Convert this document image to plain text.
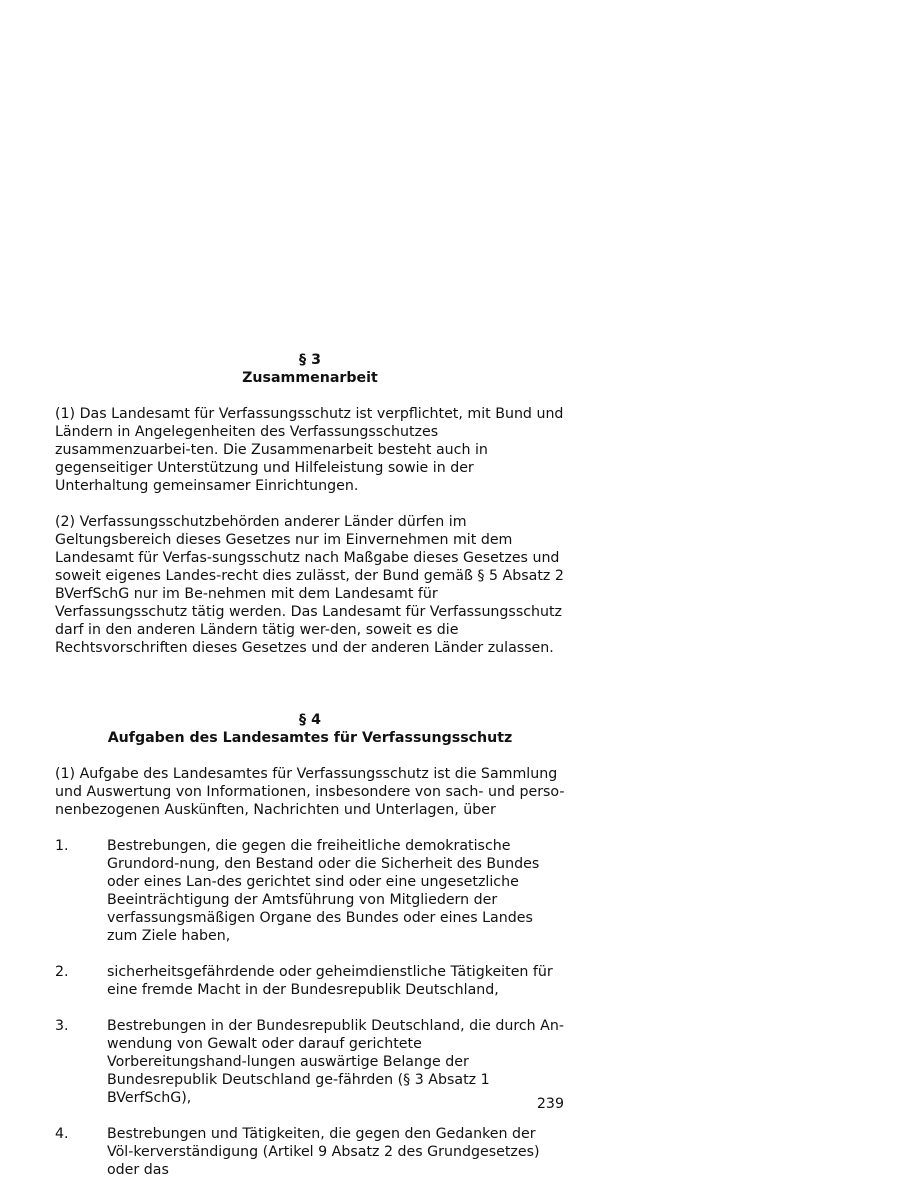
§ 3

Zusammenarbeit

(1) Das Landesamt für Verfassungsschutz ist verpflichtet, mit Bund und Ländern in Angelegenheiten des Verfassungsschutzes zusammenzuarbei-ten. Die Zusammenarbeit besteht auch in gegenseitiger Unterstützung und Hilfeleistung sowie in der Unterhaltung gemeinsamer Einrichtungen.

(2) Verfassungsschutzbehörden anderer Länder dürfen im Geltungsbereich dieses Gesetzes nur im Einvernehmen mit dem Landesamt für Verfas-sungsschutz nach Maßgabe dieses Gesetzes und soweit eigenes Landes-recht dies zulässt, der Bund gemäß § 5 Absatz 2 BVerfSchG nur im Be-nehmen mit dem Landesamt für Verfassungsschutz tätig werden. Das Landesamt für Verfassungsschutz darf in den anderen Ländern tätig wer-den, soweit es die Rechtsvorschriften dieses Gesetzes und der anderen Länder zulassen.

§ 4

Aufgaben des Landesamtes für Verfassungsschutz

(1) Aufgabe des Landesamtes für Verfassungsschutz ist die Sammlung und Auswertung von Informationen, insbesondere von sach- und perso-nenbezogenen Auskünften, Nachrichten und Unterlagen, über

1.	Bestrebungen, die gegen die freiheitliche demokratische Grundord-nung, den Bestand oder die Sicherheit des Bundes oder eines Lan-des gerichtet sind oder eine ungesetzliche Beeinträchtigung der Amtsführung von Mitgliedern der verfassungsmäßigen Organe des Bundes oder eines Landes zum Ziele haben,
2.	sicherheitsgefährdende oder geheimdienstliche Tätigkeiten für eine fremde Macht in der Bundesrepublik Deutschland,
3.	Bestrebungen in der Bundesrepublik Deutschland, die durch An-wendung von Gewalt oder darauf gerichtete Vorbereitungshand-lungen auswärtige Belange der Bundesrepublik Deutschland ge-fährden (§ 3 Absatz 1 BVerfSchG),
4.	Bestrebungen und Tätigkeiten, die gegen den Gedanken der Völ-kerverständigung (Artikel 9 Absatz 2 des Grundgesetzes) oder das
239
